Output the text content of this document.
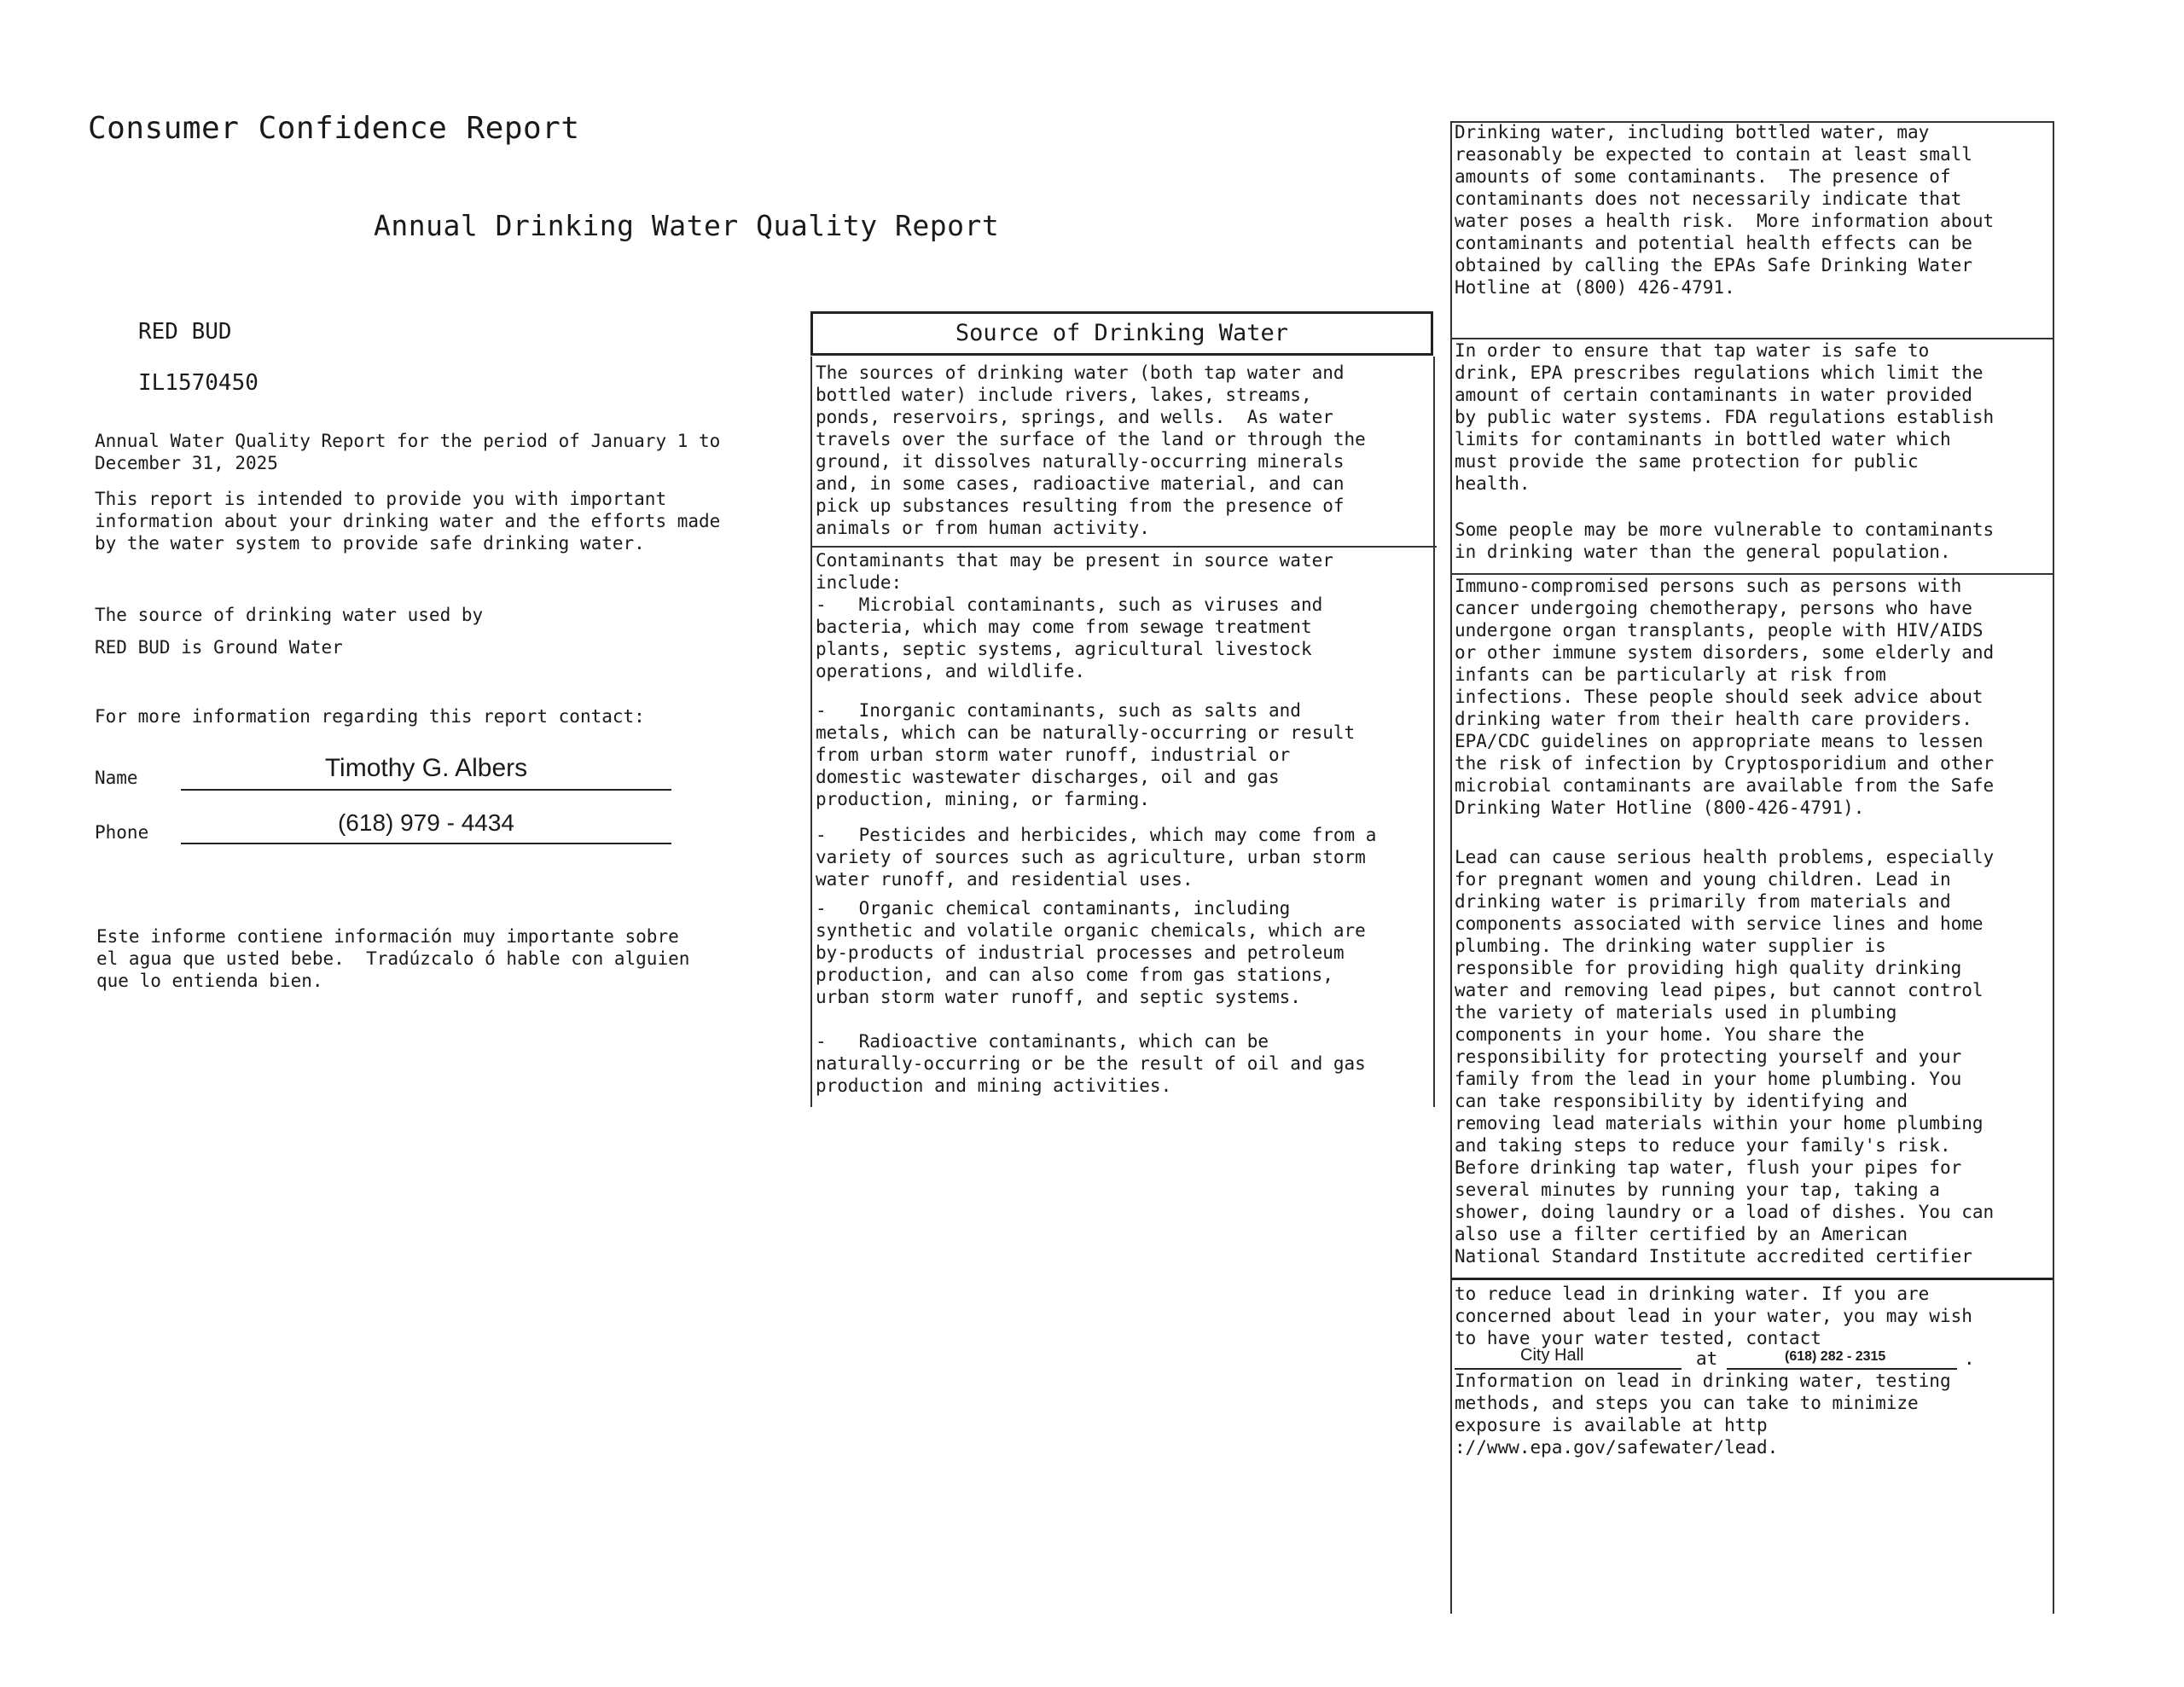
Consumer Confidence Report
Annual Drinking Water Quality Report
RED BUD
IL1570450
Annual Water Quality Report for the period of January 1 to
December 31, 2025
This report is intended to provide you with important
information about your drinking water and the efforts made
by the water system to provide safe drinking water.
The source of drinking water used by
RED BUD is Ground Water
For more information regarding this report contact:
Name	Timothy G. Albers
Phone	(618) 979 - 4434
Este informe contiene información muy importante sobre
el agua que usted bebe.  Tradúzcalo ó hable con alguien
que lo entienda bien.
Source of Drinking Water
The sources of drinking water (both tap water and
bottled water) include rivers, lakes, streams,
ponds, reservoirs, springs, and wells.  As water
travels over the surface of the land or through the
ground, it dissolves naturally-occurring minerals
and, in some cases, radioactive material, and can
pick up substances resulting from the presence of
animals or from human activity.
Contaminants that may be present in source water
include:
-   Microbial contaminants, such as viruses and
bacteria, which may come from sewage treatment
plants, septic systems, agricultural livestock
operations, and wildlife.
-   Inorganic contaminants, such as salts and
metals, which can be naturally-occurring or result
from urban storm water runoff, industrial or
domestic wastewater discharges, oil and gas
production, mining, or farming.
-   Pesticides and herbicides, which may come from a
variety of sources such as agriculture, urban storm
water runoff, and residential uses.
-   Organic chemical contaminants, including
synthetic and volatile organic chemicals, which are
by-products of industrial processes and petroleum
production, and can also come from gas stations,
urban storm water runoff, and septic systems.
-   Radioactive contaminants, which can be
naturally-occurring or be the result of oil and gas
production and mining activities.
Drinking water, including bottled water, may
reasonably be expected to contain at least small
amounts of some contaminants.  The presence of
contaminants does not necessarily indicate that
water poses a health risk.  More information about
contaminants and potential health effects can be
obtained by calling the EPAs Safe Drinking Water
Hotline at (800) 426-4791.
In order to ensure that tap water is safe to
drink, EPA prescribes regulations which limit the
amount of certain contaminants in water provided
by public water systems. FDA regulations establish
limits for contaminants in bottled water which
must provide the same protection for public
health.
Some people may be more vulnerable to contaminants
in drinking water than the general population.
Immuno-compromised persons such as persons with
cancer undergoing chemotherapy, persons who have
undergone organ transplants, people with HIV/AIDS
or other immune system disorders, some elderly and
infants can be particularly at risk from
infections. These people should seek advice about
drinking water from their health care providers.
EPA/CDC guidelines on appropriate means to lessen
the risk of infection by Cryptosporidium and other
microbial contaminants are available from the Safe
Drinking Water Hotline (800-426-4791).
Lead can cause serious health problems, especially
for pregnant women and young children. Lead in
drinking water is primarily from materials and
components associated with service lines and home
plumbing. The drinking water supplier is
responsible for providing high quality drinking
water and removing lead pipes, but cannot control
the variety of materials used in plumbing
components in your home. You share the
responsibility for protecting yourself and your
family from the lead in your home plumbing. You
can take responsibility by identifying and
removing lead materials within your home plumbing
and taking steps to reduce your family's risk.
Before drinking tap water, flush your pipes for
several minutes by running your tap, taking a
shower, doing laundry or a load of dishes. You can
also use a filter certified by an American
National Standard Institute accredited certifier
to reduce lead in drinking water. If you are
concerned about lead in your water, you may wish
to have your water tested, contact
City Hall	at	(618) 282 - 2315	.
Information on lead in drinking water, testing
methods, and steps you can take to minimize
exposure is available at http
://www.epa.gov/safewater/lead.
